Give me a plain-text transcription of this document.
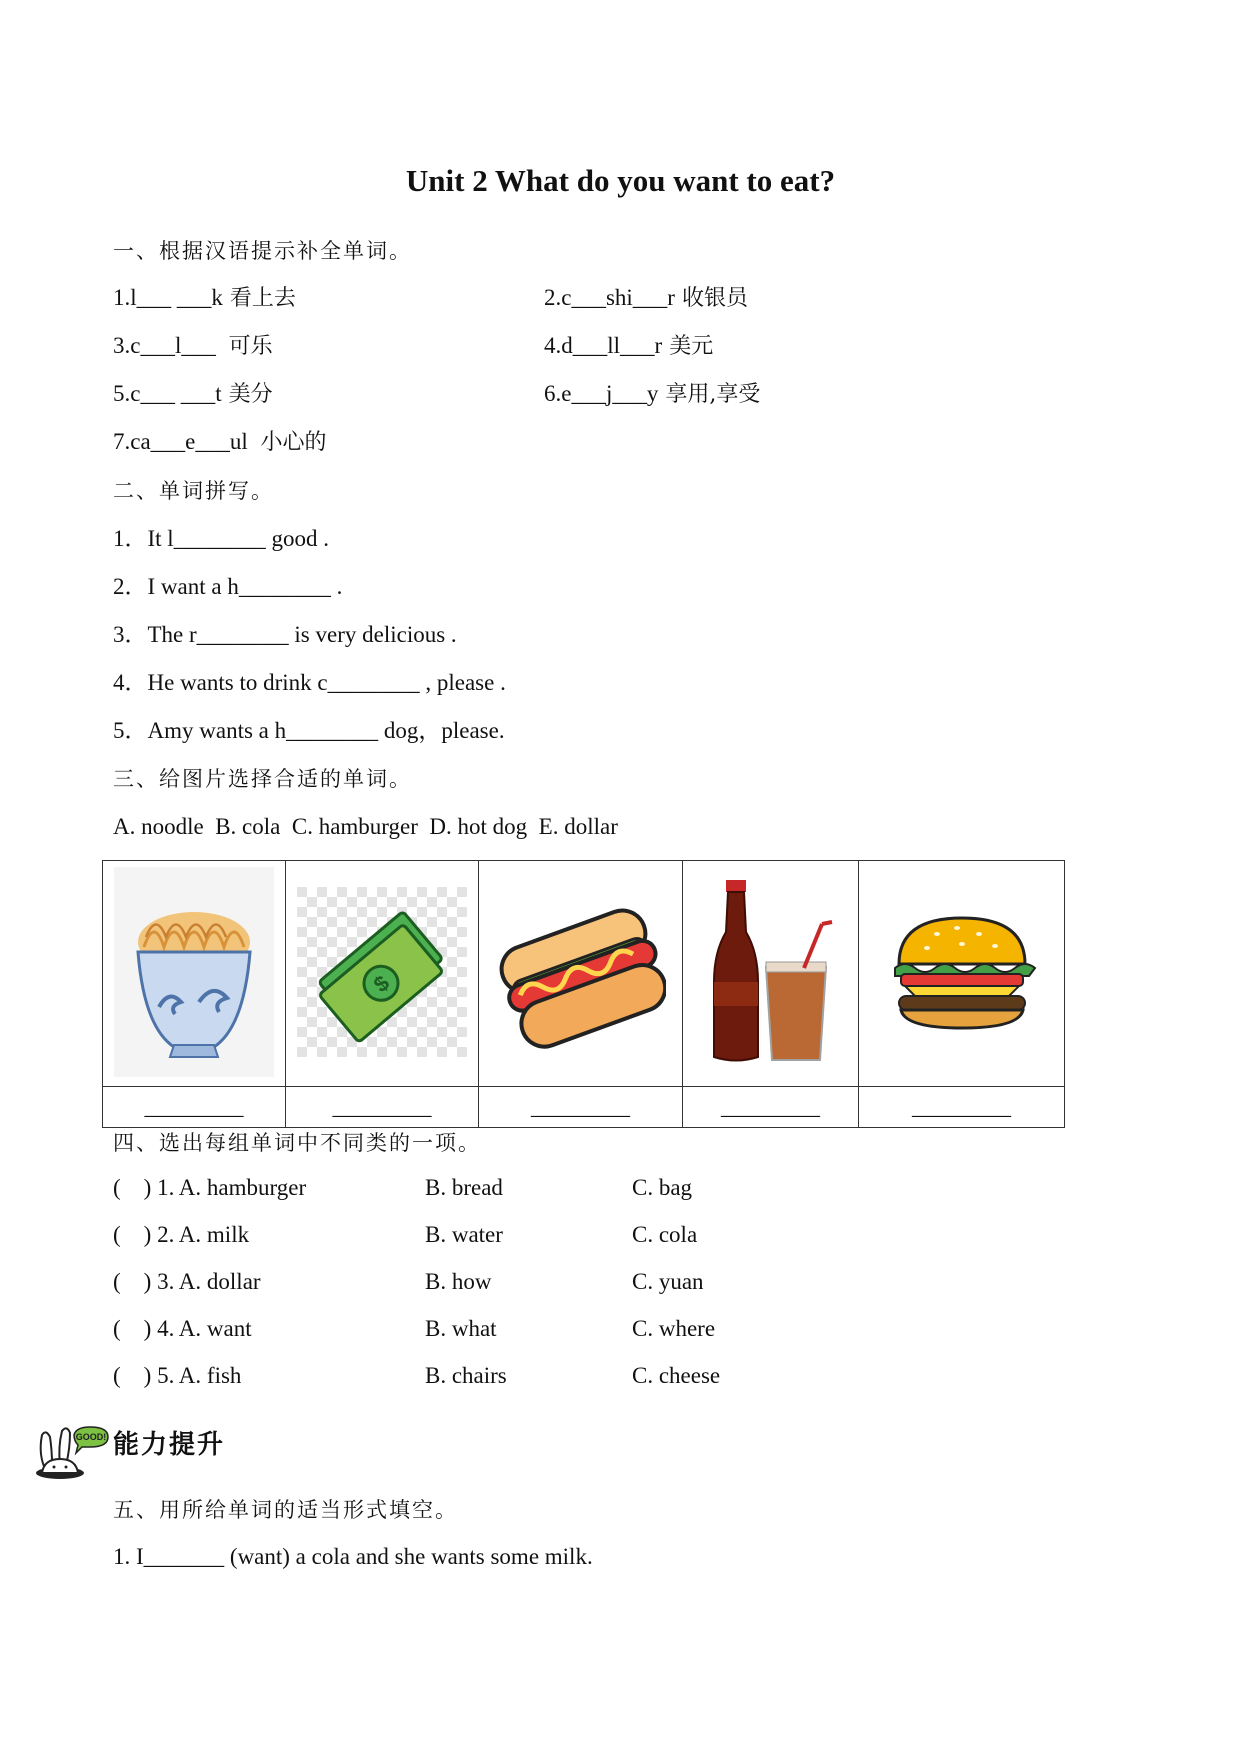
Unit 2 What do you want to eat?
一、根据汉语提示补全单词。
1.l___ ___k 看上去	2.c___shi___r 收银员
3.c___l___  可乐	4.d___ll___r 美元
5.c___ ___t 美分	6.e___j___y 享用,享受
7.ca___e___ul  小心的
二、单词拼写。
1．It l________ good .
2．I want a h________ .
3．The r________ is very delicious .
4．He wants to drink c________ , please .
5．Amy wants a h________ dog，please.
三、给图片选择合适的单词。
A. noodle  B. cola  C. hamburger  D. hot dog  E. dollar

$

_________	_________	_________	_________	_________
四、选出每组单词中不同类的一项。
(    ) 1. A. hamburger	B. bread	C. bag
(    ) 2. A. milk	B. water	C. cola
(    ) 3. A. dollar	B. how	C. yuan
(    ) 4. A. want	B. what	C. where
(    ) 5. A. fish	B. chairs	C. cheese
GOOD! 能力提升
五、用所给单词的适当形式填空。
1. I_______ (want) a cola and she wants some milk.
